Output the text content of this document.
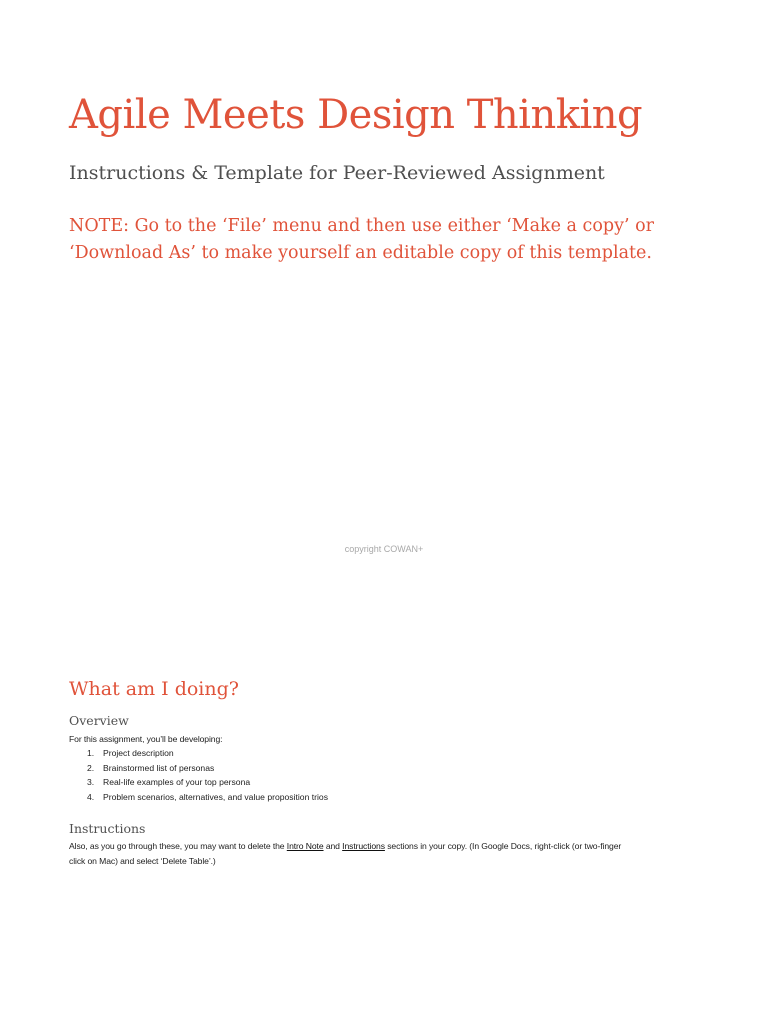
Agile Meets Design Thinking
Instructions & Template for Peer-Reviewed Assignment

NOTE: Go to the ‘File’ menu and then use either ‘Make a copy’ or
‘Download As’ to make yourself an editable copy of this template.

copyright COWAN+
What am I doing?
Overview

For this assignment, you’ll be developing:

1. Project description
2. Brainstormed list of personas
3. Real-life examples of your top persona
4. Problem scenarios, alternatives, and value proposition trios
Instructions

Also, as you go through these, you may want to delete the Intro Note and Instructions sections in your copy. (In Google Docs, right-click (or two-finger
click on Mac) and select ‘Delete Table’.)
